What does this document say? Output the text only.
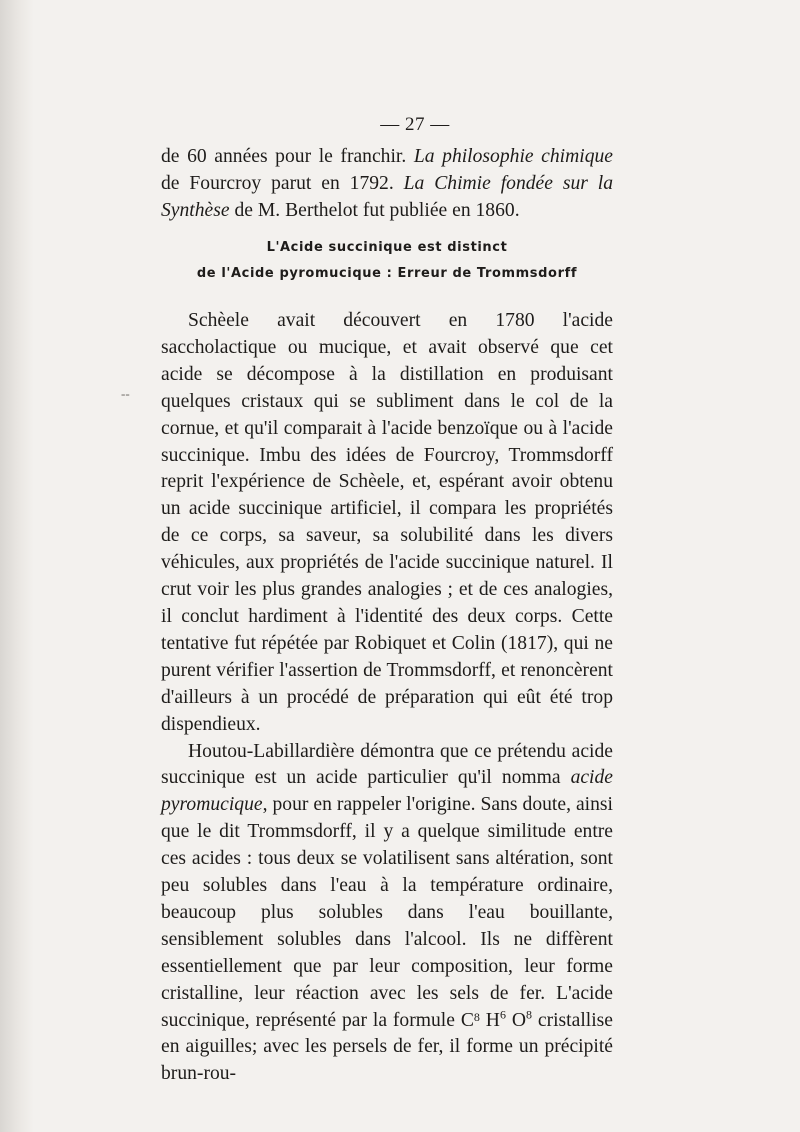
--
— 27 —

de 60 années pour le franchir. La philosophie chimique de Fourcroy parut en 1792. La Chimie fondée sur la Synthèse de M. Berthelot fut publiée en 1860.

L'Acide succinique est distinct
de l'Acide pyromucique : Erreur de Trommsdorff

Schèele avait découvert en 1780 l'acide saccholactique ou mucique, et avait observé que cet acide se décompose à la distillation en produisant quelques cristaux qui se subliment dans le col de la cornue, et qu'il comparait à l'acide benzoïque ou à l'acide succinique. Imbu des idées de Fourcroy, Trommsdorff reprit l'expérience de Schèele, et, espérant avoir obtenu un acide succinique artificiel, il compara les propriétés de ce corps, sa saveur, sa solubilité dans les divers véhicules, aux propriétés de l'acide succinique naturel. Il crut voir les plus grandes analogies ; et de ces analogies, il conclut hardiment à l'identité des deux corps. Cette tentative fut répétée par Robiquet et Colin (1817), qui ne purent vérifier l'assertion de Trommsdorff, et renoncèrent d'ailleurs à un procédé de préparation qui eût été trop dispendieux.

Houtou-Labillardière démontra que ce prétendu acide succinique est un acide particulier qu'il nomma acide pyromucique, pour en rappeler l'origine. Sans doute, ainsi que le dit Trommsdorff, il y a quelque similitude entre ces acides : tous deux se volatilisent sans altération, sont peu solubles dans l'eau à la température ordinaire, beaucoup plus solubles dans l'eau bouillante, sensiblement solubles dans l'alcool. Ils ne diffèrent essentiellement que par leur composition, leur forme cristalline, leur réaction avec les sels de fer. L'acide succinique, représenté par la formule $C^8$ $H^6$ $O^8$ cristallise en aiguilles; avec les persels de fer, il forme un précipité brun-rou-
